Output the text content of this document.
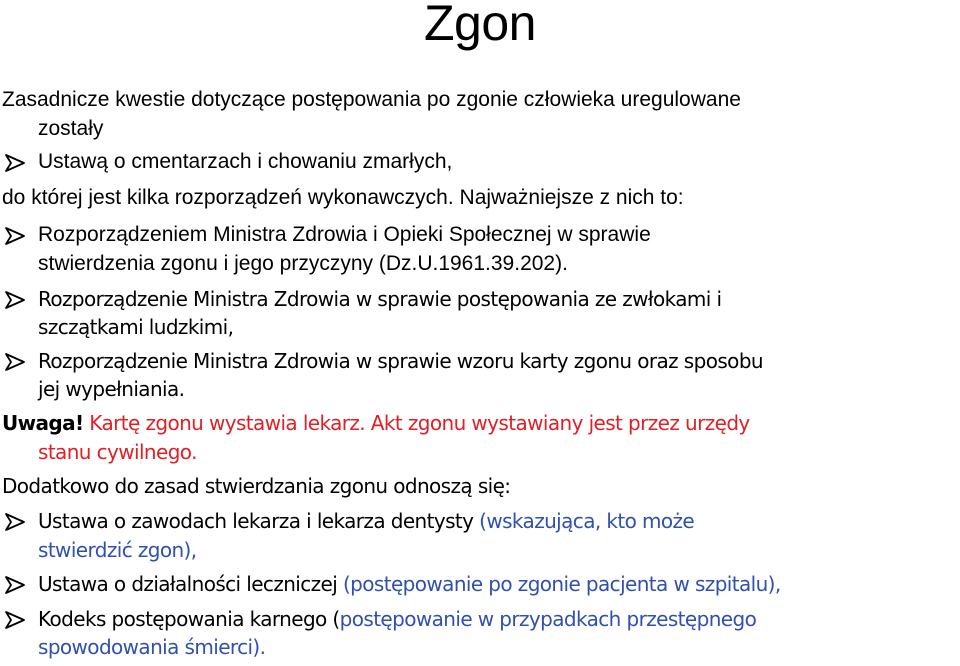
Zgon
Zasadnicze kwestie dotyczące postępowania po zgonie człowieka uregulowane
zostały
Ustawą o cmentarzach i chowaniu zmarłych,
do której jest kilka rozporządzeń wykonawczych. Najważniejsze z nich to:
Rozporządzeniem Ministra Zdrowia i Opieki Społecznej w sprawie
stwierdzenia zgonu i jego przyczyny (Dz.U.1961.39.202).
Rozporządzenie Ministra Zdrowia w sprawie postępowania ze zwłokami i
szczątkami ludzkimi,
Rozporządzenie Ministra Zdrowia w sprawie wzoru karty zgonu oraz sposobu
jej wypełniania.
Uwaga! Kartę zgonu wystawia lekarz. Akt zgonu wystawiany jest przez urzędy
stanu cywilnego.
Dodatkowo do zasad stwierdzania zgonu odnoszą się:
Ustawa o zawodach lekarza i lekarza dentysty (wskazująca, kto może
stwierdzić zgon),
Ustawa o działalności leczniczej (postępowanie po zgonie pacjenta w szpitalu),
Kodeks postępowania karnego (postępowanie w przypadkach przestępnego
spowodowania śmierci).
